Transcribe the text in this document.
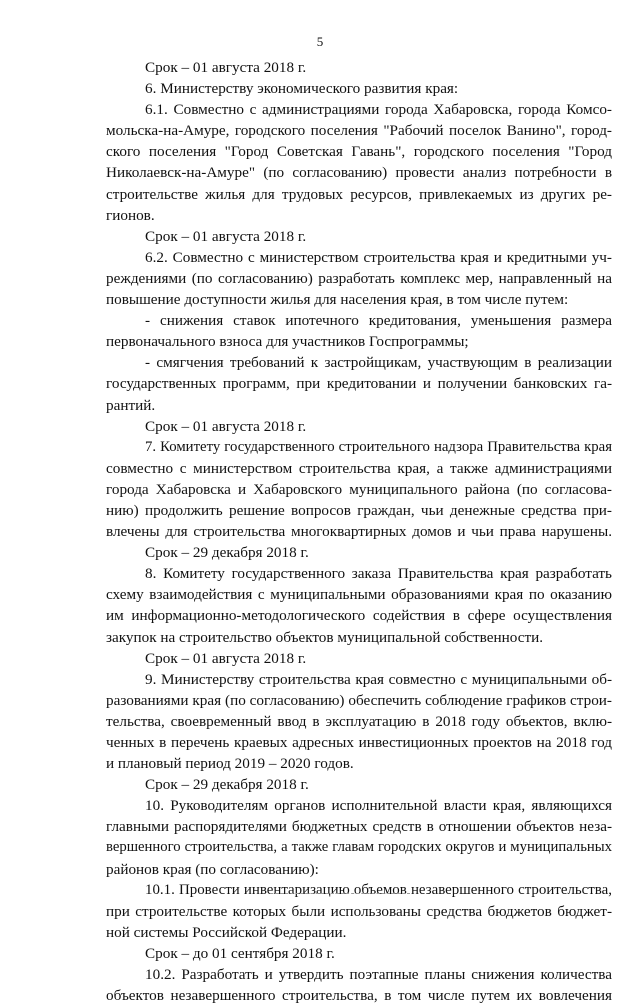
5
Срок – 01 августа 2018 г.
6. Министерству экономического развития края:
6.1. Совместно с администрациями города Хабаровска, города Комсо-
мольска-на-Амуре, городского поселения "Рабочий поселок Ванино", город-
ского поселения "Город Советская Гавань", городского поселения "Город
Николаевск-на-Амуре" (по согласованию) провести анализ потребности в
строительстве жилья для трудовых ресурсов, привлекаемых из других ре-
гионов.
Срок – 01 августа 2018 г.
6.2. Совместно с министерством строительства края и кредитными уч-
реждениями (по согласованию) разработать комплекс мер, направленный на
повышение доступности жилья для населения края, в том числе путем:
- снижения ставок ипотечного кредитования, уменьшения размера
первоначального взноса для участников Госпрограммы;
- смягчения требований к застройщикам, участвующим в реализации
государственных программ, при кредитовании и получении банковских га-
рантий.
Срок – 01 августа 2018 г.
7. Комитету государственного строительного надзора Правительства края
совместно с министерством строительства края, а также администрациями
города Хабаровска и Хабаровского муниципального района (по согласова-
нию) продолжить решение вопросов граждан, чьи денежные средства при-
влечены для строительства многоквартирных домов и чьи права нарушены.
Срок – 29 декабря 2018 г.
8. Комитету государственного заказа Правительства края разработать
схему взаимодействия с муниципальными образованиями края по оказанию
им информационно-методологического содействия в сфере осуществления
закупок на строительство объектов муниципальной собственности.
Срок – 01 августа 2018 г.
9. Министерству строительства края совместно с муниципальными об-
разованиями края (по согласованию) обеспечить соблюдение графиков строи-
тельства, своевременный ввод в эксплуатацию в 2018 году объектов, вклю-
ченных в перечень краевых адресных инвестиционных проектов на 2018 год
и плановый период 2019 – 2020 годов.
Срок – 29 декабря 2018 г.
10. Руководителям органов исполнительной власти края, являющихся
главными распорядителями бюджетных средств в отношении объектов неза-
вершенного строительства, а также главам городских округов и муниципальных
районов края (по согласованию):
10.1. Провести инвентаризацию объемов незавершенного строительства,
при строительстве которых были использованы средства бюджетов бюджет-
ной системы Российской Федерации.
Срок – до 01 сентября 2018 г.
10.2. Разработать и утвердить поэтапные планы снижения количества
объектов незавершенного строительства, в том числе путем их вовлечения
